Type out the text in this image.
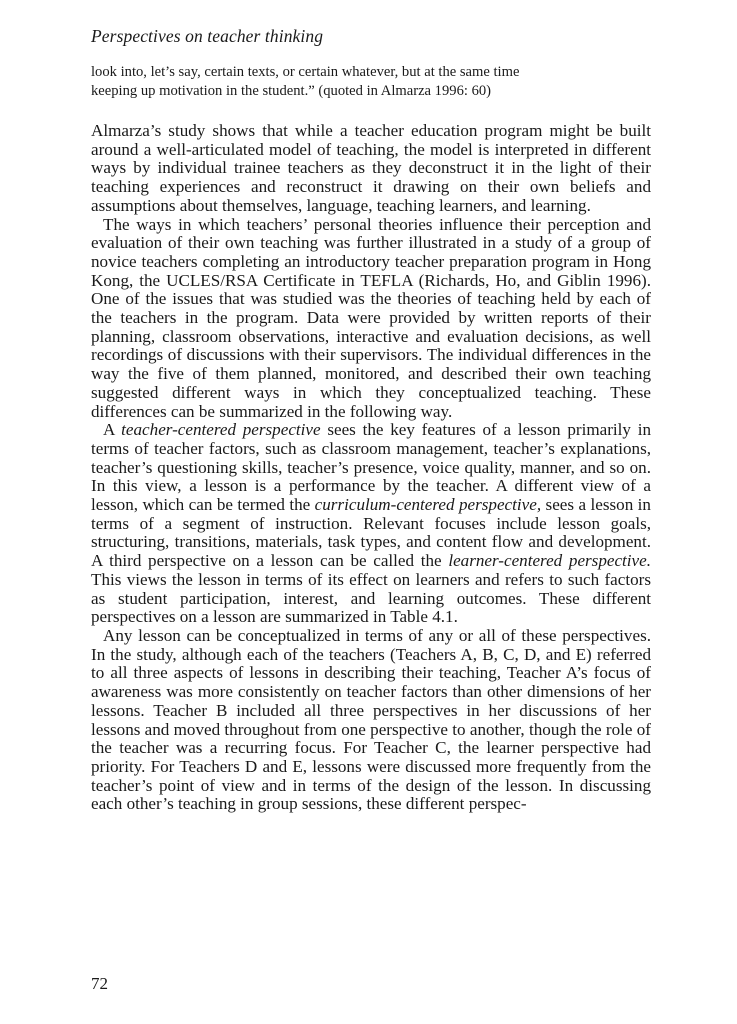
Perspectives on teacher thinking
look into, let’s say, certain texts, or certain whatever, but at the same time
keeping up motivation in the student.” (quoted in Almarza 1996: 60)

Almarza’s study shows that while a teacher education program might be built around a well-articulated model of teaching, the model is interpreted in different ways by individual trainee teachers as they deconstruct it in the light of their teaching experiences and reconstruct it drawing on their own beliefs and assumptions about themselves, language, teaching learners, and learning.

The ways in which teachers’ personal theories influence their perception and evaluation of their own teaching was further illustrated in a study of a group of novice teachers completing an introductory teacher preparation program in Hong Kong, the UCLES/RSA Certificate in TEFLA (Richards, Ho, and Giblin 1996). One of the issues that was studied was the theories of teaching held by each of the teachers in the program. Data were provided by written reports of their planning, classroom observations, interactive and evaluation decisions, as well recordings of discussions with their supervisors. The individual differences in the way the five of them planned, monitored, and described their own teaching suggested different ways in which they conceptualized teaching. These differences can be summarized in the following way.

A teacher-centered perspective sees the key features of a lesson primarily in terms of teacher factors, such as classroom management, teacher’s explanations, teacher’s questioning skills, teacher’s presence, voice quality, manner, and so on. In this view, a lesson is a performance by the teacher. A different view of a lesson, which can be termed the curriculum-centered perspective, sees a lesson in terms of a segment of instruction. Relevant focuses include lesson goals, structuring, transitions, materials, task types, and content flow and development. A third perspective on a lesson can be called the learner-centered perspective. This views the lesson in terms of its effect on learners and refers to such factors as student participation, interest, and learning outcomes. These different perspectives on a lesson are summarized in Table 4.1.

Any lesson can be conceptualized in terms of any or all of these perspectives. In the study, although each of the teachers (Teachers A, B, C, D, and E) referred to all three aspects of lessons in describing their teaching, Teacher A’s focus of awareness was more consistently on teacher factors than other dimensions of her lessons. Teacher B included all three perspectives in her discussions of her lessons and moved throughout from one perspective to another, though the role of the teacher was a recurring focus. For Teacher C, the learner perspective had priority. For Teachers D and E, lessons were discussed more frequently from the teacher’s point of view and in terms of the design of the lesson. In discussing each other’s teaching in group sessions, these different perspec-

72
